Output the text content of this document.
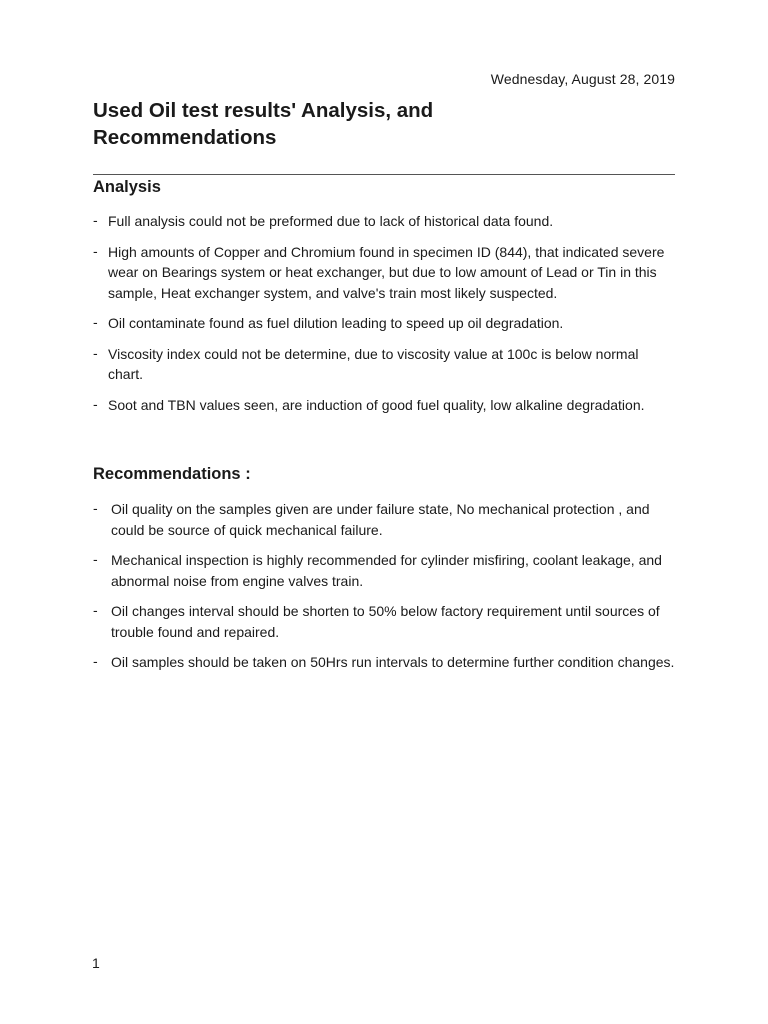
Wednesday, August 28, 2019
Used Oil test results' Analysis, and Recommendations
Analysis
- Full analysis could not be preformed due to lack of historical data found.
- High amounts of Copper and Chromium found in specimen ID (844), that indicated severe wear on Bearings system or heat exchanger, but due to low amount of Lead or Tin in this sample, Heat exchanger system, and valve's train most likely suspected.
- Oil contaminate found as fuel dilution leading to speed up oil degradation.
- Viscosity index could not be determine, due to viscosity value at 100c is below normal chart.
- Soot and TBN values seen, are induction of good fuel quality, low alkaline degradation.
Recommendations :
- Oil quality on the samples given are under failure state, No mechanical protection , and could be source of quick mechanical failure.
- Mechanical inspection is highly recommended for cylinder misfiring, coolant leakage, and abnormal noise from engine valves train.
- Oil changes interval should be shorten to 50% below factory requirement until sources of trouble found and repaired.
- Oil samples should be taken on 50Hrs run intervals to determine further condition changes.
1
